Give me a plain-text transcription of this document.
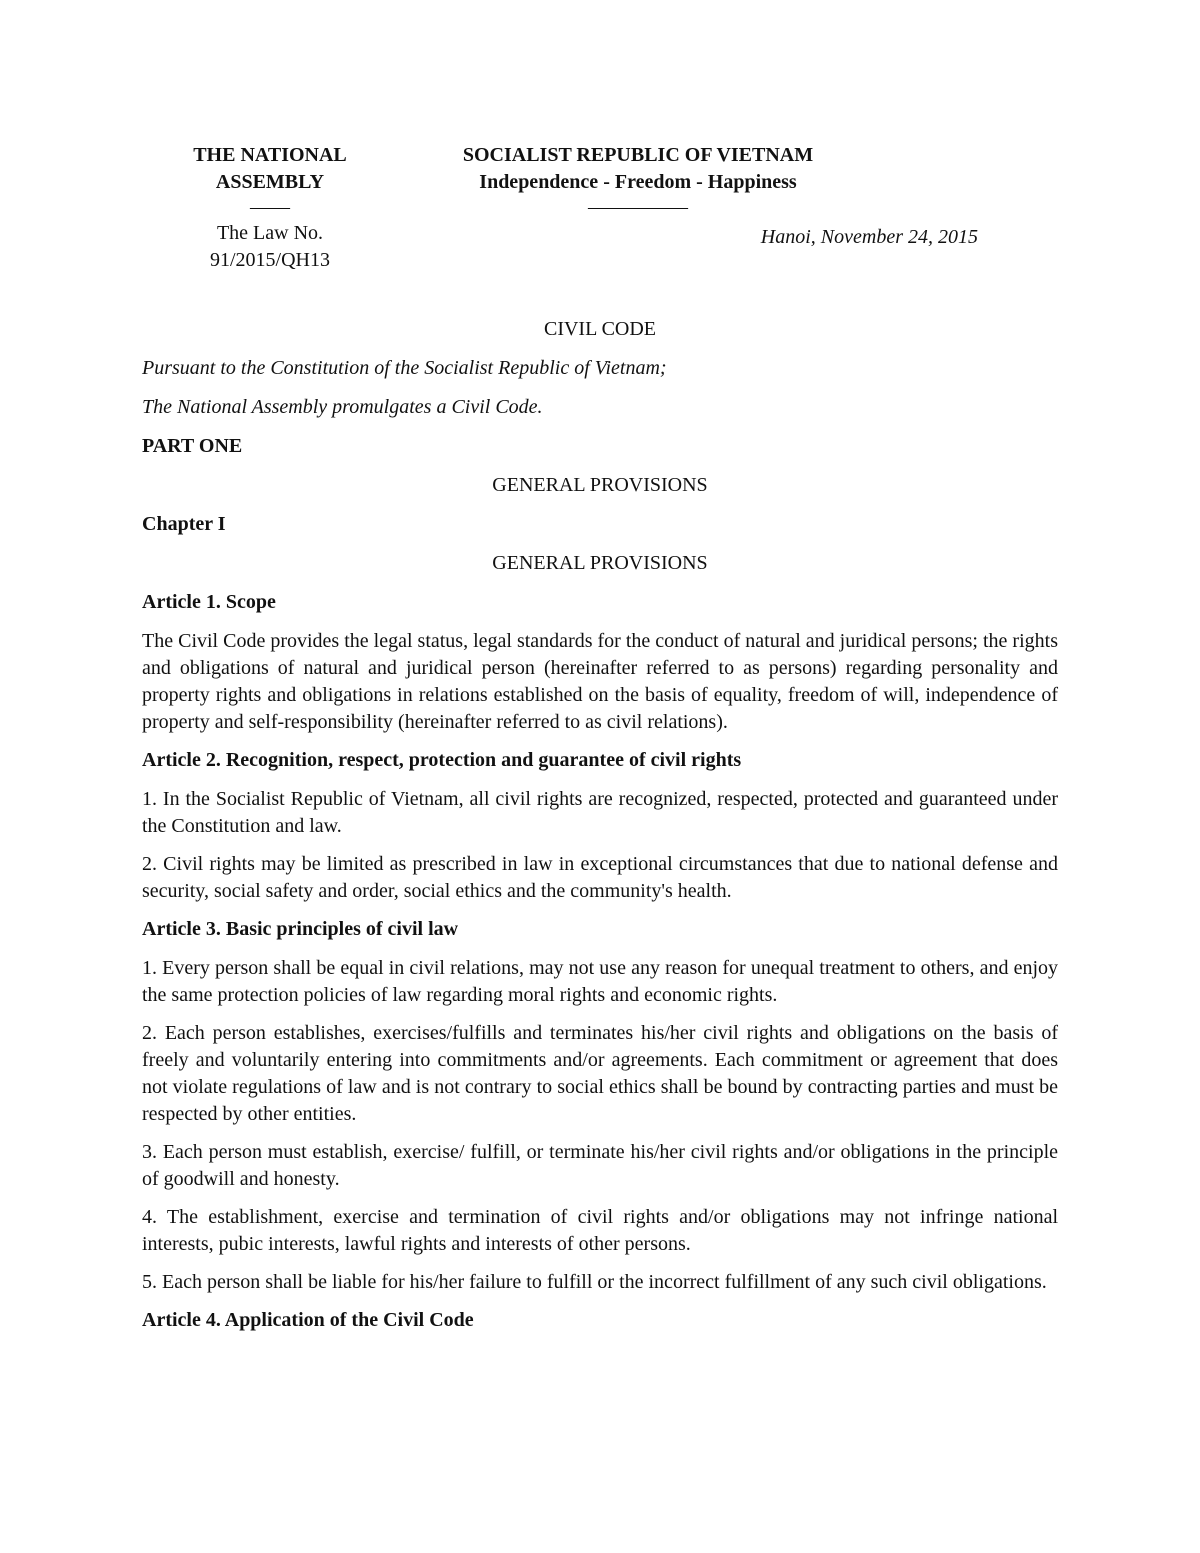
THE NATIONAL
ASSEMBLY
––––
The Law No.
91/2015/QH13
SOCIALIST REPUBLIC OF VIETNAM
Independence - Freedom - Happiness
––––––––––
Hanoi, November 24, 2015

CIVIL CODE

Pursuant to the Constitution of the Socialist Republic of Vietnam;

The National Assembly promulgates a Civil Code.

PART ONE

GENERAL PROVISIONS

Chapter I

GENERAL PROVISIONS

Article 1. Scope

The Civil Code provides the legal status, legal standards for the conduct of natural and juridical persons; the rights and obligations of natural and juridical person (hereinafter referred to as persons) regarding personality and property rights and obligations in relations established on the basis of equality, freedom of will, independence of property and self-responsibility (hereinafter referred to as civil relations).

Article 2. Recognition, respect, protection and guarantee of civil rights

1. In the Socialist Republic of Vietnam, all civil rights are recognized, respected, protected and guaranteed under the Constitution and law.

2. Civil rights may be limited as prescribed in law in exceptional circumstances that due to national defense and security, social safety and order, social ethics and the community's health.

Article 3. Basic principles of civil law

1. Every person shall be equal in civil relations, may not use any reason for unequal treatment to others, and enjoy the same protection policies of law regarding moral rights and economic rights.

2. Each person establishes, exercises/fulfills and terminates his/her civil rights and obligations on the basis of freely and voluntarily entering into commitments and/or agreements. Each commitment or agreement that does not violate regulations of law and is not contrary to social ethics shall be bound by contracting parties and must be respected by other entities.

3. Each person must establish, exercise/ fulfill, or terminate his/her civil rights and/or obligations in the principle of goodwill and honesty.

4. The establishment, exercise and termination of civil rights and/or obligations may not infringe national interests, pubic interests, lawful rights and interests of other persons.

5. Each person shall be liable for his/her failure to fulfill or the incorrect fulfillment of any such civil obligations.

Article 4. Application of the Civil Code
